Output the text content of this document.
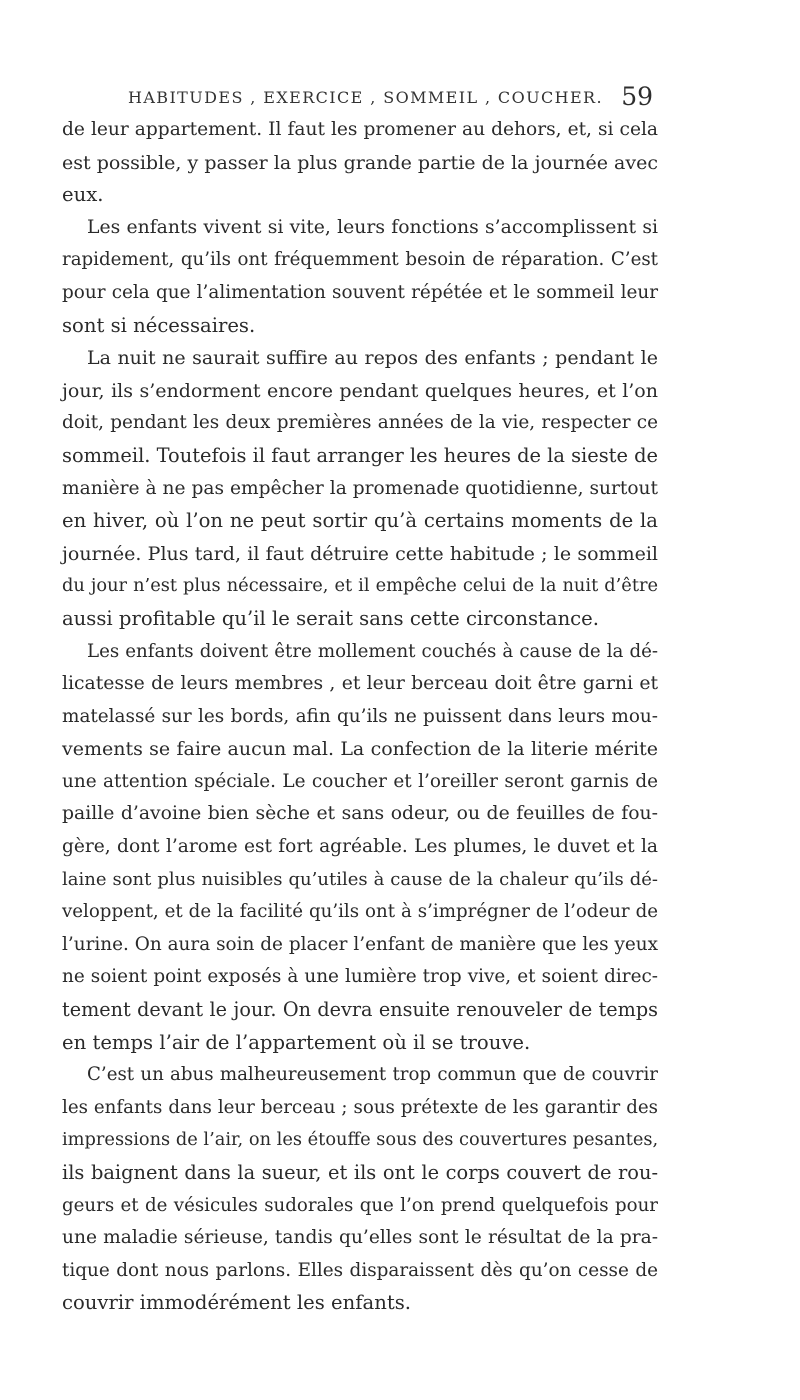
HABITUDES , EXERCICE , SOMMEIL , COUCHER. 59
de leur appartement. Il faut les promener au dehors, et, si cela
est possible, y passer la plus grande partie de la journée avec
eux.
Les enfants vivent si vite, leurs fonctions s’accomplissent si
rapidement, qu’ils ont fréquemment besoin de réparation. C’est
pour cela que l’alimentation souvent répétée et le sommeil leur
sont si nécessaires.
La nuit ne saurait suffire au repos des enfants ; pendant le
jour, ils s’endorment encore pendant quelques heures, et l’on
doit, pendant les deux premières années de la vie, respecter ce
sommeil. Toutefois il faut arranger les heures de la sieste de
manière à ne pas empêcher la promenade quotidienne, surtout
en hiver, où l’on ne peut sortir qu’à certains moments de la
journée. Plus tard, il faut détruire cette habitude ; le sommeil
du jour n’est plus nécessaire, et il empêche celui de la nuit d’être
aussi profitable qu’il le serait sans cette circonstance.
Les enfants doivent être mollement couchés à cause de la dé-
licatesse de leurs membres , et leur berceau doit être garni et
matelassé sur les bords, afin qu’ils ne puissent dans leurs mou-
vements se faire aucun mal. La confection de la literie mérite
une attention spéciale. Le coucher et l’oreiller seront garnis de
paille d’avoine bien sèche et sans odeur, ou de feuilles de fou-
gère, dont l’arome est fort agréable. Les plumes, le duvet et la
laine sont plus nuisibles qu’utiles à cause de la chaleur qu’ils dé-
veloppent, et de la facilité qu’ils ont à s’imprégner de l’odeur de
l’urine. On aura soin de placer l’enfant de manière que les yeux
ne soient point exposés à une lumière trop vive, et soient direc-
tement devant le jour. On devra ensuite renouveler de temps
en temps l’air de l’appartement où il se trouve.
C’est un abus malheureusement trop commun que de couvrir
les enfants dans leur berceau ; sous prétexte de les garantir des
impressions de l’air, on les étouffe sous des couvertures pesantes,
ils baignent dans la sueur, et ils ont le corps couvert de rou-
geurs et de vésicules sudorales que l’on prend quelquefois pour
une maladie sérieuse, tandis qu’elles sont le résultat de la pra-
tique dont nous parlons. Elles disparaissent dès qu’on cesse de
couvrir immodérément les enfants.
